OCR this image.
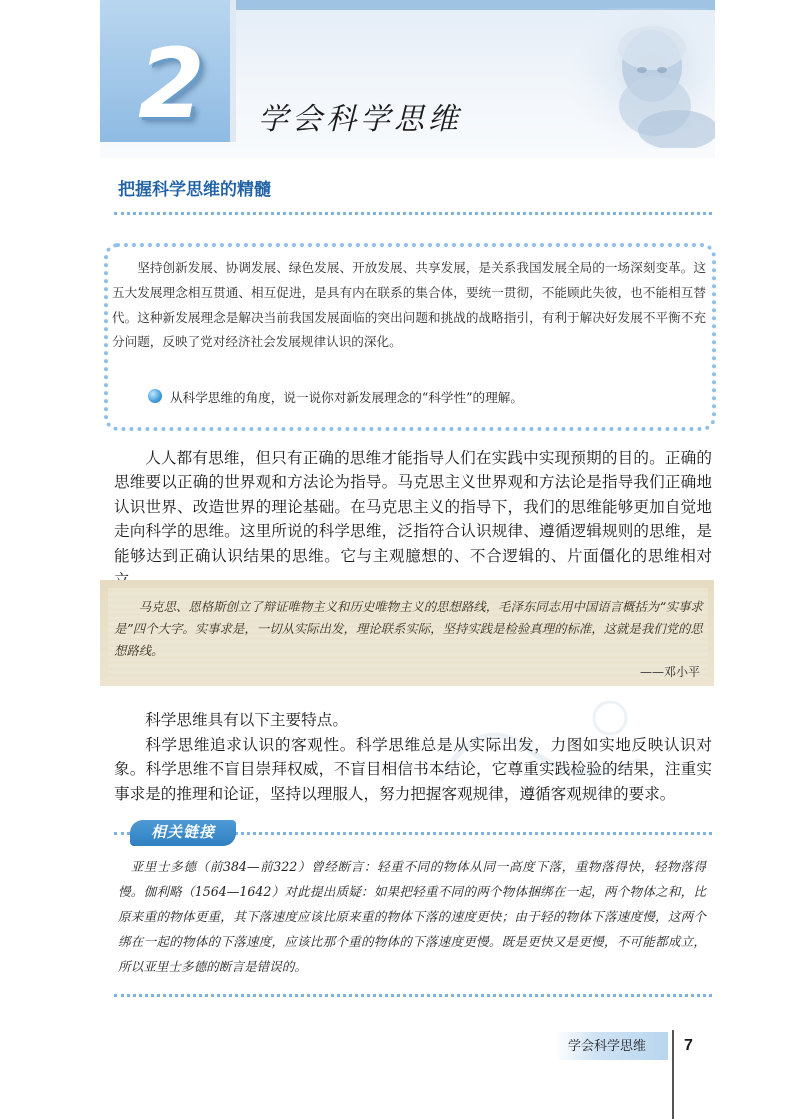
2	学会科学思维
把握科学思维的精髓

坚持创新发展、协调发展、绿色发展、开放发展、共享发展，是关系我国发展全局的一场深刻变革。这五大发展理念相互贯通、相互促进，是具有内在联系的集合体，要统一贯彻，不能顾此失彼，也不能相互替代。这种新发展理念是解决当前我国发展面临的突出问题和挑战的战略指引，有利于解决好发展不平衡不充分问题，反映了党对经济社会发展规律认识的深化。

从科学思维的角度，说一说你对新发展理念的“科学性”的理解。

人人都有思维，但只有正确的思维才能指导人们在实践中实现预期的目的。正确的思维要以正确的世界观和方法论为指导。马克思主义世界观和方法论是指导我们正确地认识世界、改造世界的理论基础。在马克思主义的指导下，我们的思维能够更加自觉地走向科学的思维。这里所说的科学思维，泛指符合认识规律、遵循逻辑规则的思维，是能够达到正确认识结果的思维。它与主观臆想的、不合逻辑的、片面僵化的思维相对

马克思、恩格斯创立了辩证唯物主义和历史唯物主义的思想路线，毛泽东同志用中国语言概括为“实事求是”四个大字。实事求是，一切从实际出发，理论联系实际，坚持实践是检验真理的标准，这就是我们党的思想路线。

——邓小平

科学思维具有以下主要特点。

科学思维追求认识的客观性。科学思维总是从实际出发，力图如实地反映认识对象。科学思维不盲目崇拜权威，不盲目相信书本结论，它尊重实践检验的结果，注重实事求是的推理和论证，坚持以理服人，努力把握客观规律，遵循客观规律的要求。

相关链接

亚里士多德（前384—前322）曾经断言：轻重不同的物体从同一高度下落，重物落得快，轻物落得慢。伽利略（1564—1642）对此提出质疑：如果把轻重不同的两个物体捆绑在一起，两个物体之和，比原来重的物体更重，其下落速度应该比原来重的物体下落的速度更快；由于轻的物体下落速度慢，这两个绑在一起的物体的下落速度，应该比那个重的物体的下落速度更慢。既是更快又是更慢，不可能都成立，所以亚里士多德的断言是错误的。

学会科学思维	7
